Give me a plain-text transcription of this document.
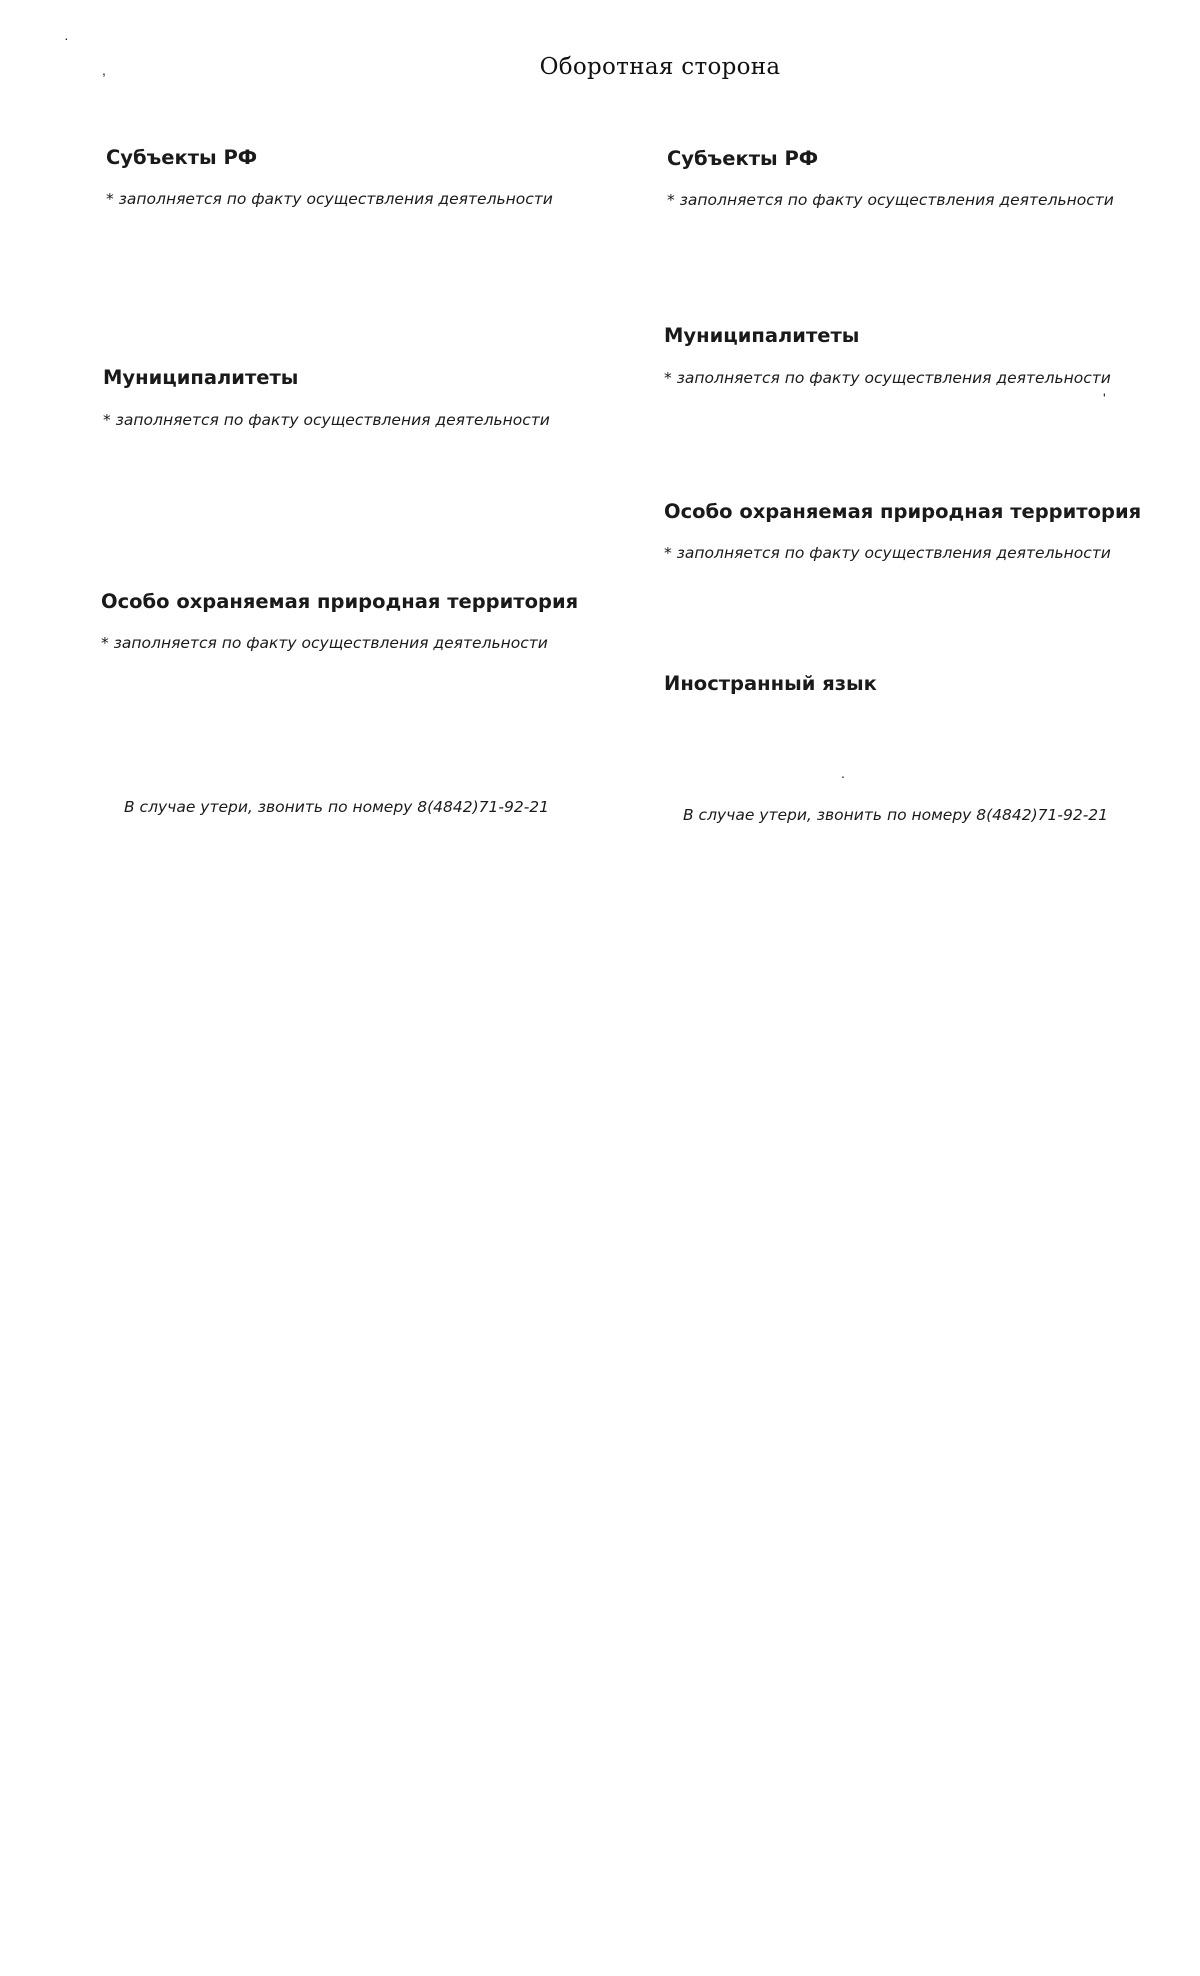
·
,	Оборотная сторона
Субъекты РФ
* заполняется по факту осуществления деятельности
Муниципалитеты
* заполняется по факту осуществления деятельности
Особо охраняемая природная территория
* заполняется по факту осуществления деятельности
В случае утери, звонить по номеру 8(4842)71-92-21
Субъекты РФ
* заполняется по факту осуществления деятельности
Муниципалитеты
* заполняется по факту осуществления деятельности
'
Особо охраняемая природная территория
* заполняется по факту осуществления деятельности
Иностранный язык
.
В случае утери, звонить по номеру 8(4842)71-92-21
